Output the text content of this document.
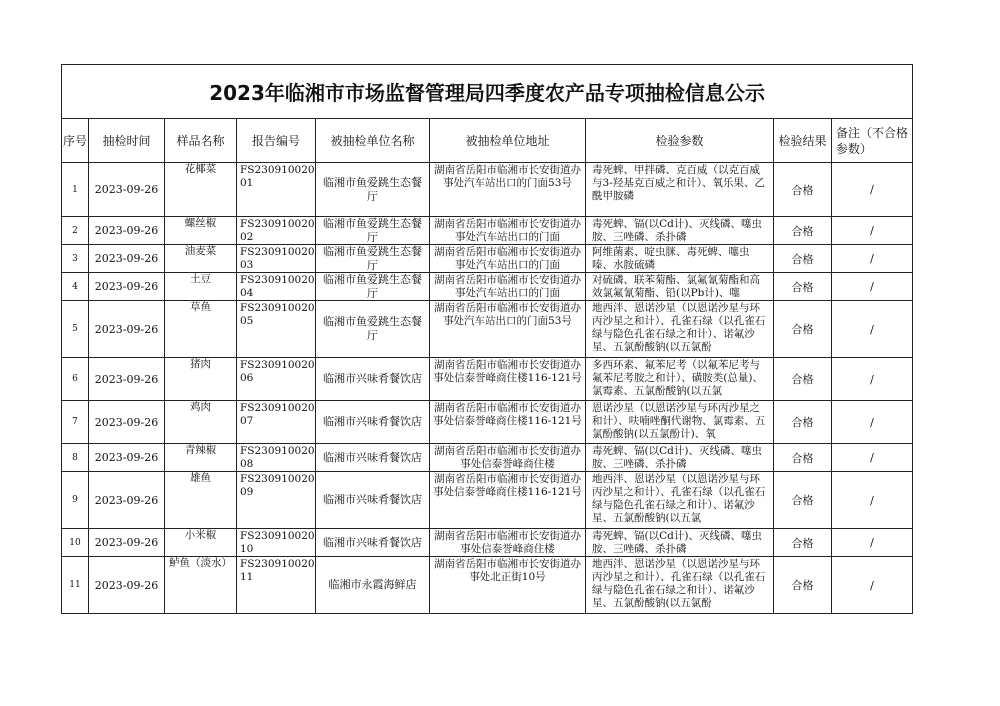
2023年临湘市市场监督管理局四季度农产品专项抽检信息公示								
序号	抽检时间	样品名称	报告编号	被抽检单位名称	被抽检单位地址	检验参数	检验结果	备注（不合格参数）

1	2023-09-26	花椰菜	FS23091002001	临湘市鱼爱跳生态餐厅	湖南省岳阳市临湘市长安街道办事处汽车站出口的门面53号	毒死蜱、甲拌磷、克百威（以克百威与3-羟基克百威之和计）、氧乐果、乙酰甲胺磷	合格	/

2	2023-09-26	螺丝椒	FS23091002002	临湘市鱼爱跳生态餐厅	湖南省岳阳市临湘市长安街道办事处汽车站出口的门面	毒死蜱、镉(以Cd计)、灭线磷、噻虫胺、三唑磷、杀扑磷	合格	/

3	2023-09-26	油麦菜	FS23091002003	临湘市鱼爱跳生态餐厅	湖南省岳阳市临湘市长安街道办事处汽车站出口的门面	阿维菌素、啶虫脒、毒死蜱、噻虫嗪、水胺硫磷	合格	/

4	2023-09-26	土豆	FS23091002004	临湘市鱼爱跳生态餐厅	湖南省岳阳市临湘市长安街道办事处汽车站出口的门面	对硫磷、联苯菊酯、氯氟氰菊酯和高效氯氟氰菊酯、铅(以Pb计)、噻	合格	/

5	2023-09-26	草鱼	FS23091002005	临湘市鱼爱跳生态餐厅	湖南省岳阳市临湘市长安街道办事处汽车站出口的门面53号	地西泮、恩诺沙星（以恩诺沙星与环丙沙星之和计）、孔雀石绿（以孔雀石绿与隐色孔雀石绿之和计）、诺氟沙星、五氯酚酸钠(以五氯酚	合格	/

6	2023-09-26	猪肉	FS23091002006	临湘市兴味肴餐饮店	湖南省岳阳市临湘市长安街道办事处信泰誉峰商住楼116-121号	多西环素、氟苯尼考（以氟苯尼考与氟苯尼考胺之和计）、磺胺类(总量)、氯霉素、五氯酚酸钠(以五氯	合格	/

7	2023-09-26	鸡肉	FS23091002007	临湘市兴味肴餐饮店	湖南省岳阳市临湘市长安街道办事处信泰誉峰商住楼116-121号	恩诺沙星（以恩诺沙星与环丙沙星之和计）、呋喃唑酮代谢物、氯霉素、五氯酚酸钠(以五氯酚计)、氧	合格	/

8	2023-09-26	青辣椒	FS23091002008	临湘市兴味肴餐饮店	湖南省岳阳市临湘市长安街道办事处信泰誉峰商住楼	毒死蜱、镉(以Cd计)、灭线磷、噻虫胺、三唑磷、杀扑磷	合格	/

9	2023-09-26	雄鱼	FS23091002009	临湘市兴味肴餐饮店	湖南省岳阳市临湘市长安街道办事处信泰誉峰商住楼116-121号	地西泮、恩诺沙星（以恩诺沙星与环丙沙星之和计）、孔雀石绿（以孔雀石绿与隐色孔雀石绿之和计）、诺氟沙星、五氯酚酸钠(以五氯	合格	/

10	2023-09-26	小米椒	FS23091002010	临湘市兴味肴餐饮店	湖南省岳阳市临湘市长安街道办事处信泰誉峰商住楼	毒死蜱、镉(以Cd计)、灭线磷、噻虫胺、三唑磷、杀扑磷	合格	/

11	2023-09-26	鲈鱼（淡水）	FS23091002011	临湘市永霞海鲜店	湖南省岳阳市临湘市长安街道办事处北正街10号	地西泮、恩诺沙星（以恩诺沙星与环丙沙星之和计）、孔雀石绿（以孔雀石绿与隐色孔雀石绿之和计）、诺氟沙星、五氯酚酸钠(以五氯酚	合格	/
